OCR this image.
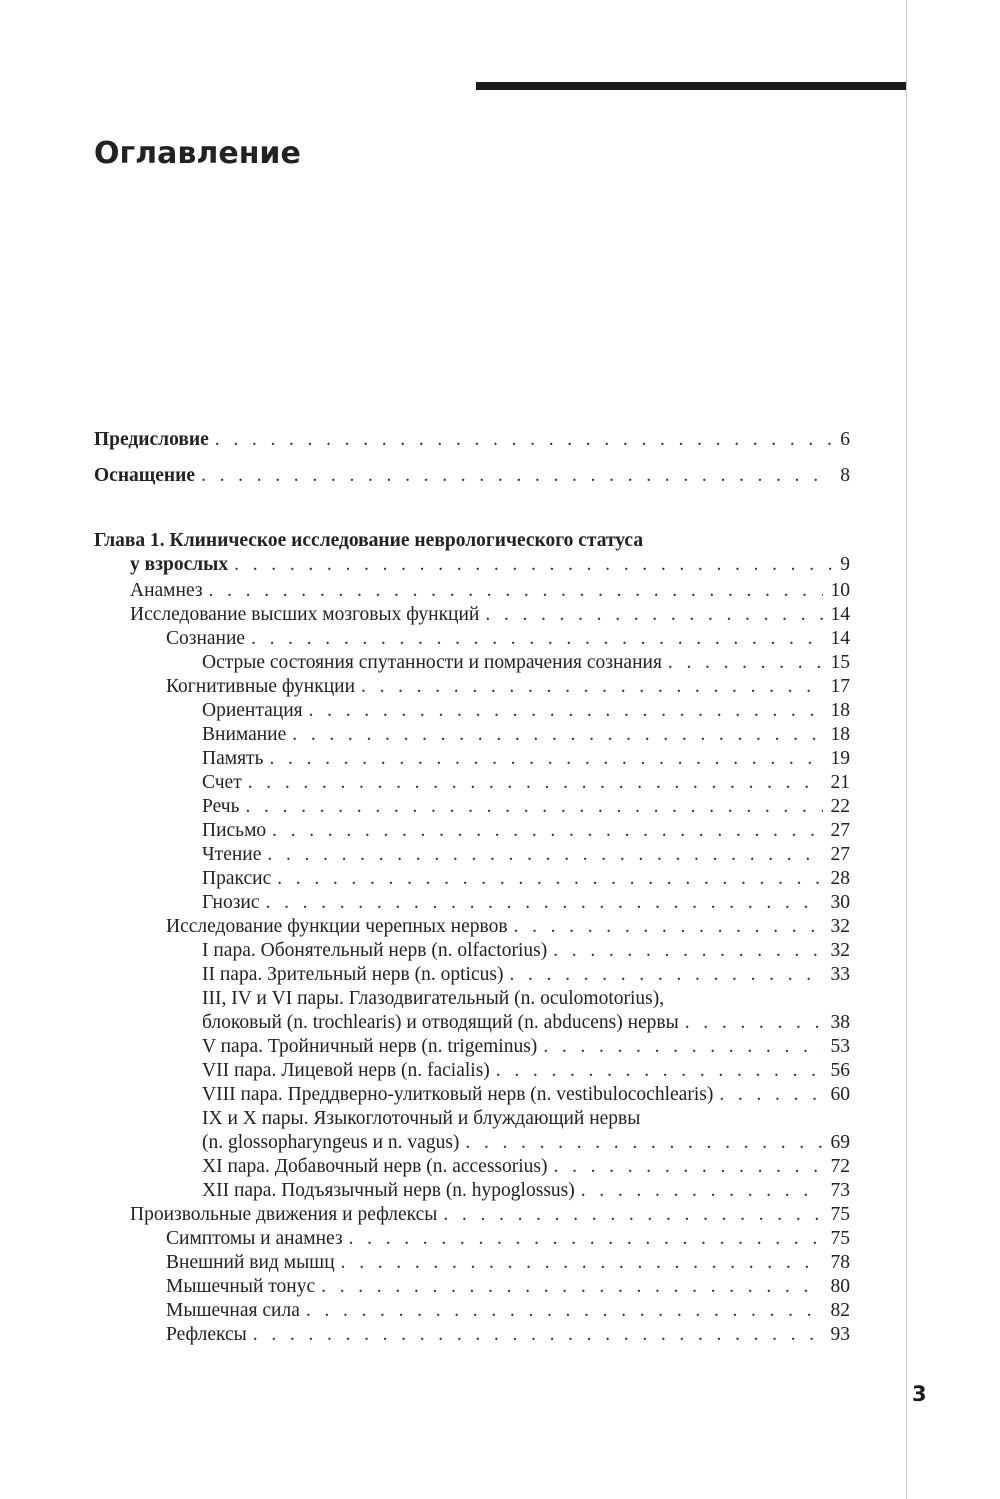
Оглавление
Предисловие . . .	6
Оснащение . . .	8
Глава 1. Клиническое исследование неврологического статуса
у взрослых . . .	9
Анамнез . . .	10
Исследование высших мозговых функций . . .	14
Сознание . . .	14
Острые состояния спутанности и помрачения сознания . . .	15
Когнитивные функции . . .	17
Ориентация . . .	18
Внимание . . .	18
Память . . .	19
Счет . . .	21
Речь . . .	22
Письмо . . .	27
Чтение . . .	27
Праксис . . .	28
Гнозис . . .	30
Исследование функции черепных нервов . . .	32
I пара. Обонятельный нерв (n. olfactorius) . . .	32
II пара. Зрительный нерв (n. opticus) . . .	33
III, IV и VI пары. Глазодвигательный (n. oculomotorius),
блоковый (n. trochlearis) и отводящий (n. abducens) нервы . . .	38
V пара. Тройничный нерв (n. trigeminus) . . .	53
VII пара. Лицевой нерв (n. facialis) . . .	56
VIII пара. Преддверно-улитковый нерв (n. vestibulocochlearis) . . .	60
IX и X пары. Языкоглоточный и блуждающий нервы
(n. glossopharyngeus и n. vagus) . . .	69
XI пара. Добавочный нерв (n. accessorius) . . .	72
XII пара. Подъязычный нерв (n. hypoglossus) . . .	73
Произвольные движения и рефлексы . . .	75
Симптомы и анамнез . . .	75
Внешний вид мышц . . .	78
Мышечный тонус . . .	80
Мышечная сила . . .	82
Рефлексы . . .	93
3
